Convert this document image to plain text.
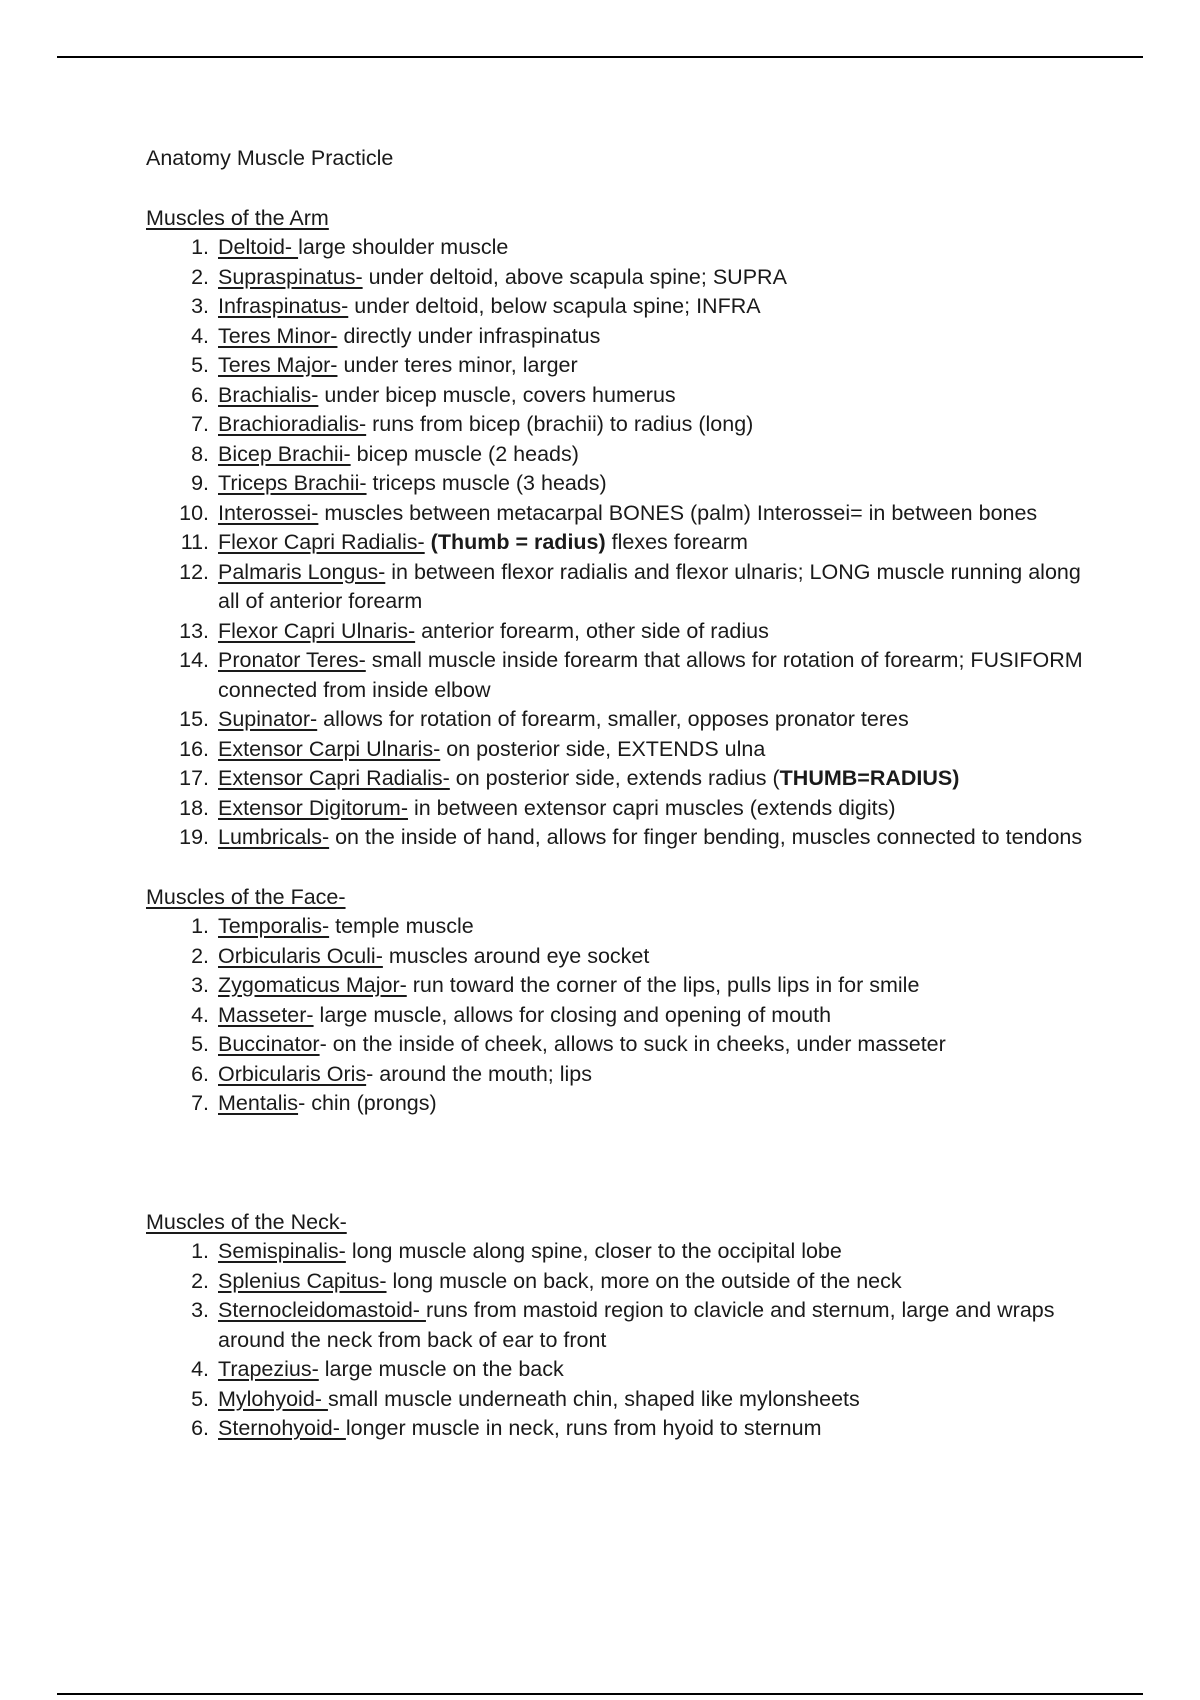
Anatomy Muscle Practicle

Muscles of the Arm
1. Deltoid- large shoulder muscle
2. Supraspinatus- under deltoid, above scapula spine; SUPRA
3. Infraspinatus- under deltoid, below scapula spine; INFRA
4. Teres Minor- directly under infraspinatus
5. Teres Major- under teres minor, larger
6. Brachialis- under bicep muscle, covers humerus
7. Brachioradialis- runs from bicep (brachii) to radius (long)
8. Bicep Brachii- bicep muscle (2 heads)
9. Triceps Brachii- triceps muscle (3 heads)
10. Interossei- muscles between metacarpal BONES (palm) Interossei= in between bones
11. Flexor Capri Radialis- (Thumb = radius) flexes forearm
12. Palmaris Longus- in between flexor radialis and flexor ulnaris; LONG muscle running along all of anterior forearm
13. Flexor Capri Ulnaris- anterior forearm, other side of radius
14. Pronator Teres- small muscle inside forearm that allows for rotation of forearm; FUSIFORM connected from inside elbow
15. Supinator- allows for rotation of forearm, smaller, opposes pronator teres
16. Extensor Carpi Ulnaris- on posterior side, EXTENDS ulna
17. Extensor Capri Radialis- on posterior side, extends radius (THUMB=RADIUS)
18. Extensor Digitorum- in between extensor capri muscles (extends digits)
19. Lumbricals- on the inside of hand, allows for finger bending, muscles connected to tendons
Muscles of the Face-
1. Temporalis- temple muscle
2. Orbicularis Oculi- muscles around eye socket
3. Zygomaticus Major- run toward the corner of the lips, pulls lips in for smile
4. Masseter- large muscle, allows for closing and opening of mouth
5. Buccinator- on the inside of cheek, allows to suck in cheeks, under masseter
6. Orbicularis Oris- around the mouth; lips
7. Mentalis- chin (prongs)
Muscles of the Neck-
1. Semispinalis- long muscle along spine, closer to the occipital lobe
2. Splenius Capitus- long muscle on back, more on the outside of the neck
3. Sternocleidomastoid- runs from mastoid region to clavicle and sternum, large and wraps around the neck from back of ear to front
4. Trapezius- large muscle on the back
5. Mylohyoid- small muscle underneath chin, shaped like mylonsheets
6. Sternohyoid- longer muscle in neck, runs from hyoid to sternum
